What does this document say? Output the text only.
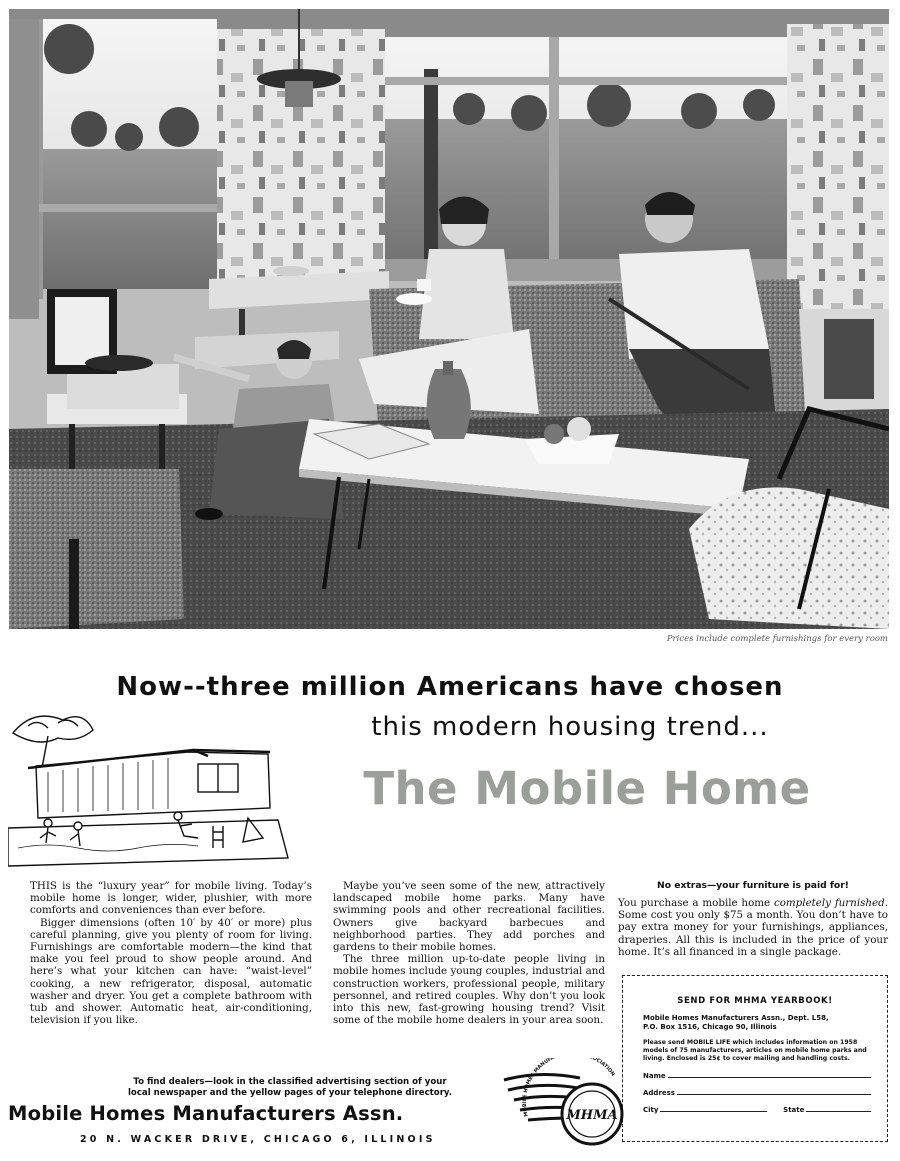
Prices include complete furnishings for every room
Now--three million Americans have chosen
this modern housing trend...
The Mobile Home

THIS is the “luxury year” for mobile living. Today’s mobile home is longer, wider, plushier, with more comforts and conveniences than ever before.

Bigger dimensions (often 10′ by 40′ or more) plus careful planning, give you plenty of room for living. Furnishings are comfortable modern—the kind that make you feel proud to show people around. And here’s what your kitchen can have: “waist-level” cooking, a new refrigerator, disposal, automatic washer and dryer. You get a complete bathroom with tub and shower. Automatic heat, air-conditioning, television if you like.

Maybe you’ve seen some of the new, attractively landscaped mobile home parks. Many have swimming pools and other recreational facilities. Owners give backyard barbecues and neighborhood parties. They add porches and gardens to their mobile homes.

The three million up-to-date people living in mobile homes include young couples, industrial and construction workers, professional people, military personnel, and retired couples. Why don’t you look into this new, fast-growing housing trend? Visit some of the mobile home dealers in your area soon.

No extras—your furniture is paid for!
You purchase a mobile home completely furnished. Some cost you only $75 a month. You don’t have to pay extra money for your furnishings, appliances, draperies. All this is included in the price of your home. It’s all financed in a single package.
SEND FOR MHMA YEARBOOK!
Mobile Homes Manufacturers Assn., Dept. L58,
P.O. Box 1516, Chicago 90, Illinois
Please send MOBILE LIFE which includes information on 1958 models of 75 manufacturers, articles on mobile home parks and living. Enclosed is 25¢ to cover mailing and handling costs.
Name
Address
City	State
To find dealers—look in the classified advertising section of your
local newspaper and the yellow pages of your telephone directory.
Mobile Homes Manufacturers Assn.
20 N. WACKER DRIVE, CHICAGO 6, ILLINOIS
MOBILE HOMES MANUFA OCIATION
MHMA
